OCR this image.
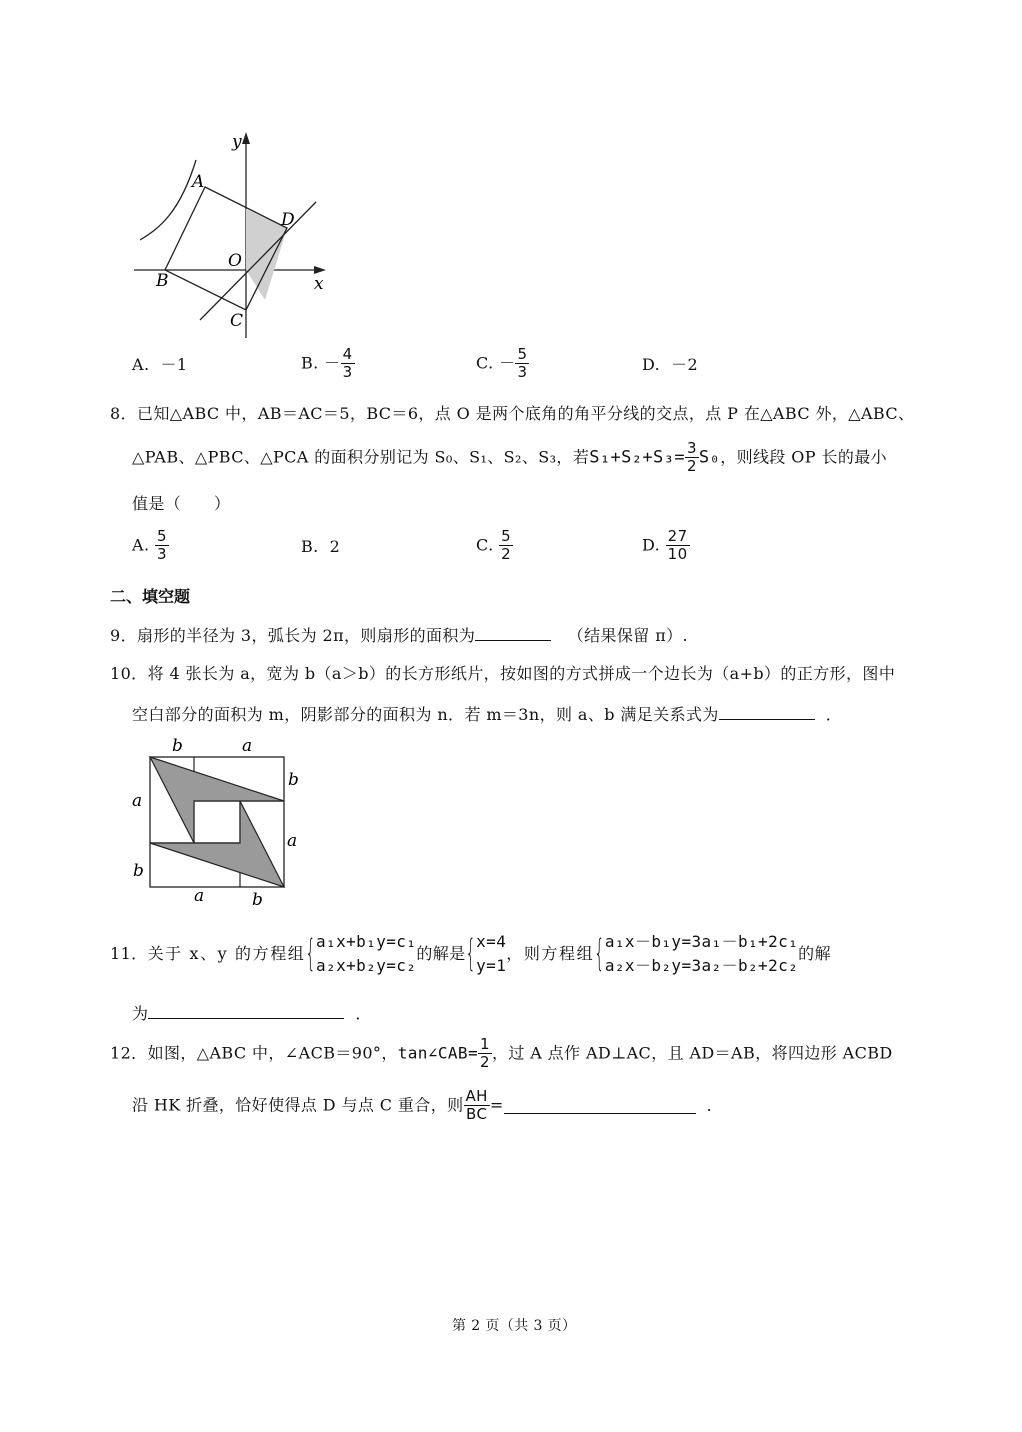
y
x
A
B
C
D
O
A. －1	B. － $\frac{4}{3}$	C. － $\frac{5}{3}$	D. －2
8．已知△ABC 中，AB＝AC＝5，BC＝6，点 O 是两个底角的角平分线的交点，点 P 在△ABC 外，△ABC、
△PAB、△PBC、△PCA 的面积分别记为 S₀、S₁、S₂、S₃，若$S_1+S_2+S_3= \frac{3}{2} S_0$，则线段 OP 长的最小
值是（　　）
A. $\frac{5}{3}$	B. 2	C. $\frac{5}{2}$	D. $\frac{27}{10}$
二、填空题
9．扇形的半径为 3，弧长为 2π，则扇形的面积为	（结果保留 π）.
10．将 4 张长为 a，宽为 b（a＞b）的长方形纸片，按如图的方式拼成一个边长为（a+b）的正方形，图中
空白部分的面积为 m，阴影部分的面积为 n．若 m＝3n，则 a、b 满足关系式为	．
b	a
b
a
a
b
a	b
11． 关于 x、y 的方程组 { a₁x+b₁y=c₁
a₂x+b₂y=c₂
的解是 { x=4
y=1
，则方程组 { a₁x－b₁y=3a₁－b₁+2c₁
a₂x－b₂y=3a₂－b₂+2c₂
的解
为	．
12．如图，△ABC 中，∠ACB＝90°，tan∠CAB= $\frac{1}{2}$ ，过 A 点作 AD⊥AC，且 AD＝AB，将四边形 ACBD
沿 HK 折叠，恰好使得点 D 与点 C 重合，则 $\frac{AH}{BC}$ =	．
第 2 页（共 3 页）
